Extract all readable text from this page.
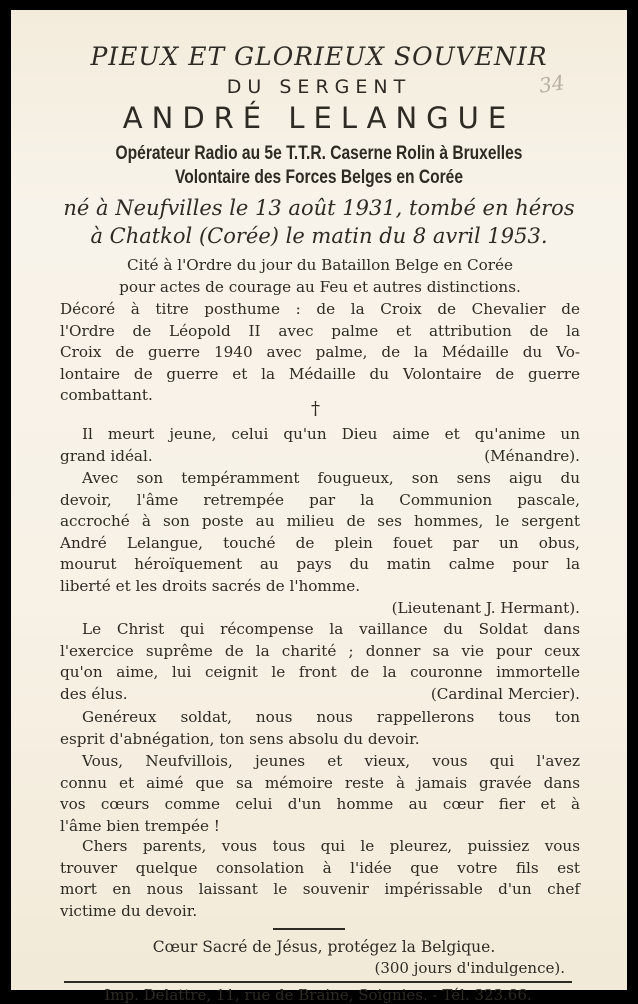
PIEUX ET GLORIEUX SOUVENIR
DU SERGENT
ANDRÉ LELANGUE
34
Opérateur Radio au 5e T.T.R. Caserne Rolin à Bruxelles
Volontaire des Forces Belges en Corée
né à Neufvilles le 13 août 1931, tombé en héros
à Chatkol (Corée) le matin du 8 avril 1953.
Cité à l'Ordre du jour du Bataillon Belge en Corée
pour actes de courage au Feu et autres distinctions.
Décoré à titre posthume : de la Croix de Chevalier de
l'Ordre de Léopold II avec palme et attribution de la
Croix de guerre 1940 avec palme, de la Médaille du Vo-
lontaire de guerre et la Médaille du Volontaire de guerre
combattant.
†
Il meurt jeune, celui qu'un Dieu aime et qu'anime un
grand idéal.	(Ménandre).
Avec son tempéramment fougueux, son sens aigu du
devoir, l'âme retrempée par la Communion pascale,
accroché à son poste au milieu de ses hommes, le sergent
André Lelangue, touché de plein fouet par un obus,
mourut héroïquement au pays du matin calme pour la
liberté et les droits sacrés de l'homme.
(Lieutenant J. Hermant).
Le Christ qui récompense la vaillance du Soldat dans
l'exercice suprême de la charité ; donner sa vie pour ceux
qu'on aime, lui ceignit le front de la couronne immortelle
des élus.	(Cardinal Mercier).
Genéreux soldat, nous nous rappellerons tous ton
esprit d'abnégation, ton sens absolu du devoir.
Vous, Neufvillois, jeunes et vieux, vous qui l'avez
connu et aimé que sa mémoire reste à jamais gravée dans
vos cœurs comme celui d'un homme au cœur fier et à
l'âme bien trempée !
Chers parents, vous tous qui le pleurez, puissiez vous
trouver quelque consolation à l'idée que votre fils est
mort en nous laissant le souvenir impérissable d'un chef
victime du devoir.
Cœur Sacré de Jésus, protégez la Belgique.
(300 jours d'indulgence).
Imp. Delattre, 11, rue de Braine, Soignies. - Tél. 323.66.
